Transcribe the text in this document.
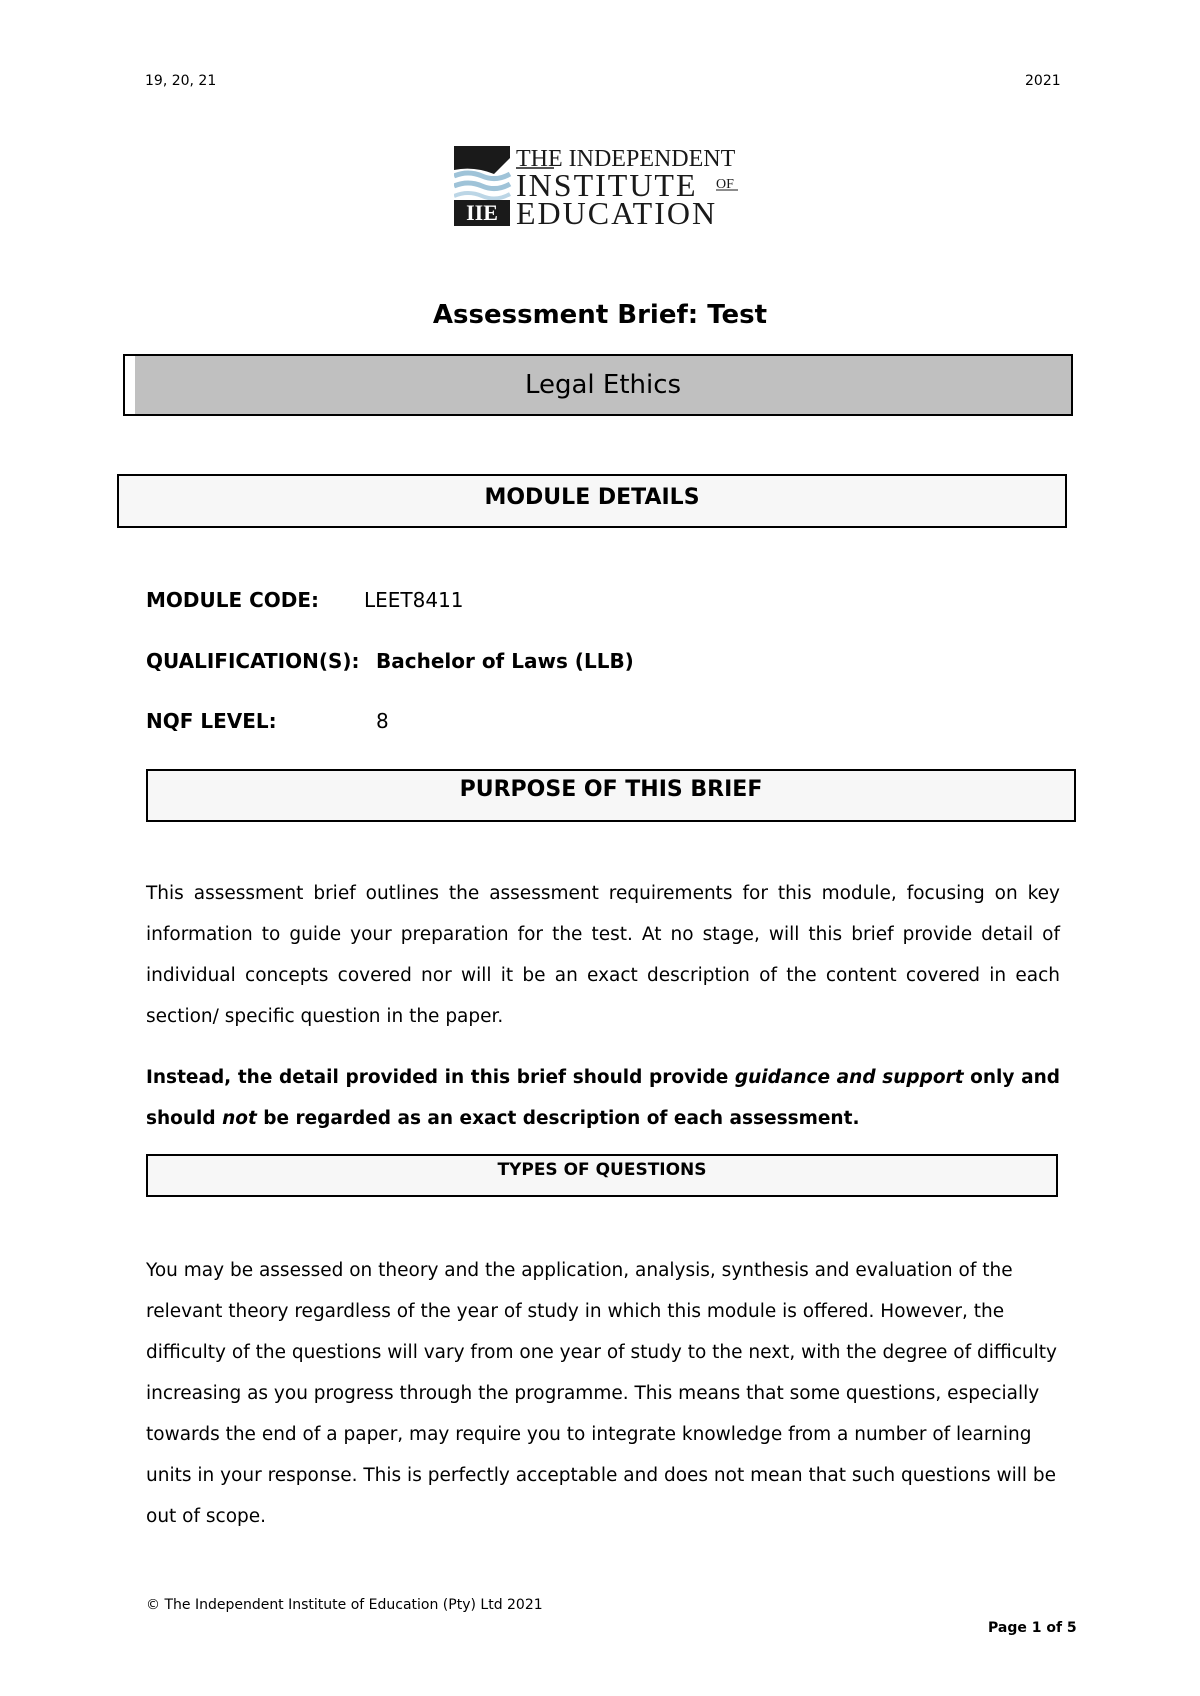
19, 20, 21	2021
IIE
THE INDEPENDENT
INSTITUTE OF
EDUCATION
Assessment Brief: Test
Legal Ethics
MODULE DETAILS
MODULE CODE: LEET8411
QUALIFICATION(S): Bachelor of Laws (LLB)
NQF LEVEL:	8
PURPOSE OF THIS BRIEF
This assessment brief outlines the assessment requirements for this module, focusing on key information to guide your preparation for the test. At no stage, will this brief provide detail of individual concepts covered nor will it be an exact description of the content covered in each section/ specific question in the paper.
Instead, the detail provided in this brief should provide guidance and support only and should not be regarded as an exact description of each assessment.
TYPES OF QUESTIONS
You may be assessed on theory and the application, analysis, synthesis and evaluation of the relevant theory regardless of the year of study in which this module is offered. However, the difficulty of the questions will vary from one year of study to the next, with the degree of difficulty increasing as you progress through the programme. This means that some questions, especially towards the end of a paper, may require you to integrate knowledge from a number of learning units in your response. This is perfectly acceptable and does not mean that such questions will be out of scope.
© The Independent Institute of Education (Pty) Ltd 2021
Page 1 of 5
